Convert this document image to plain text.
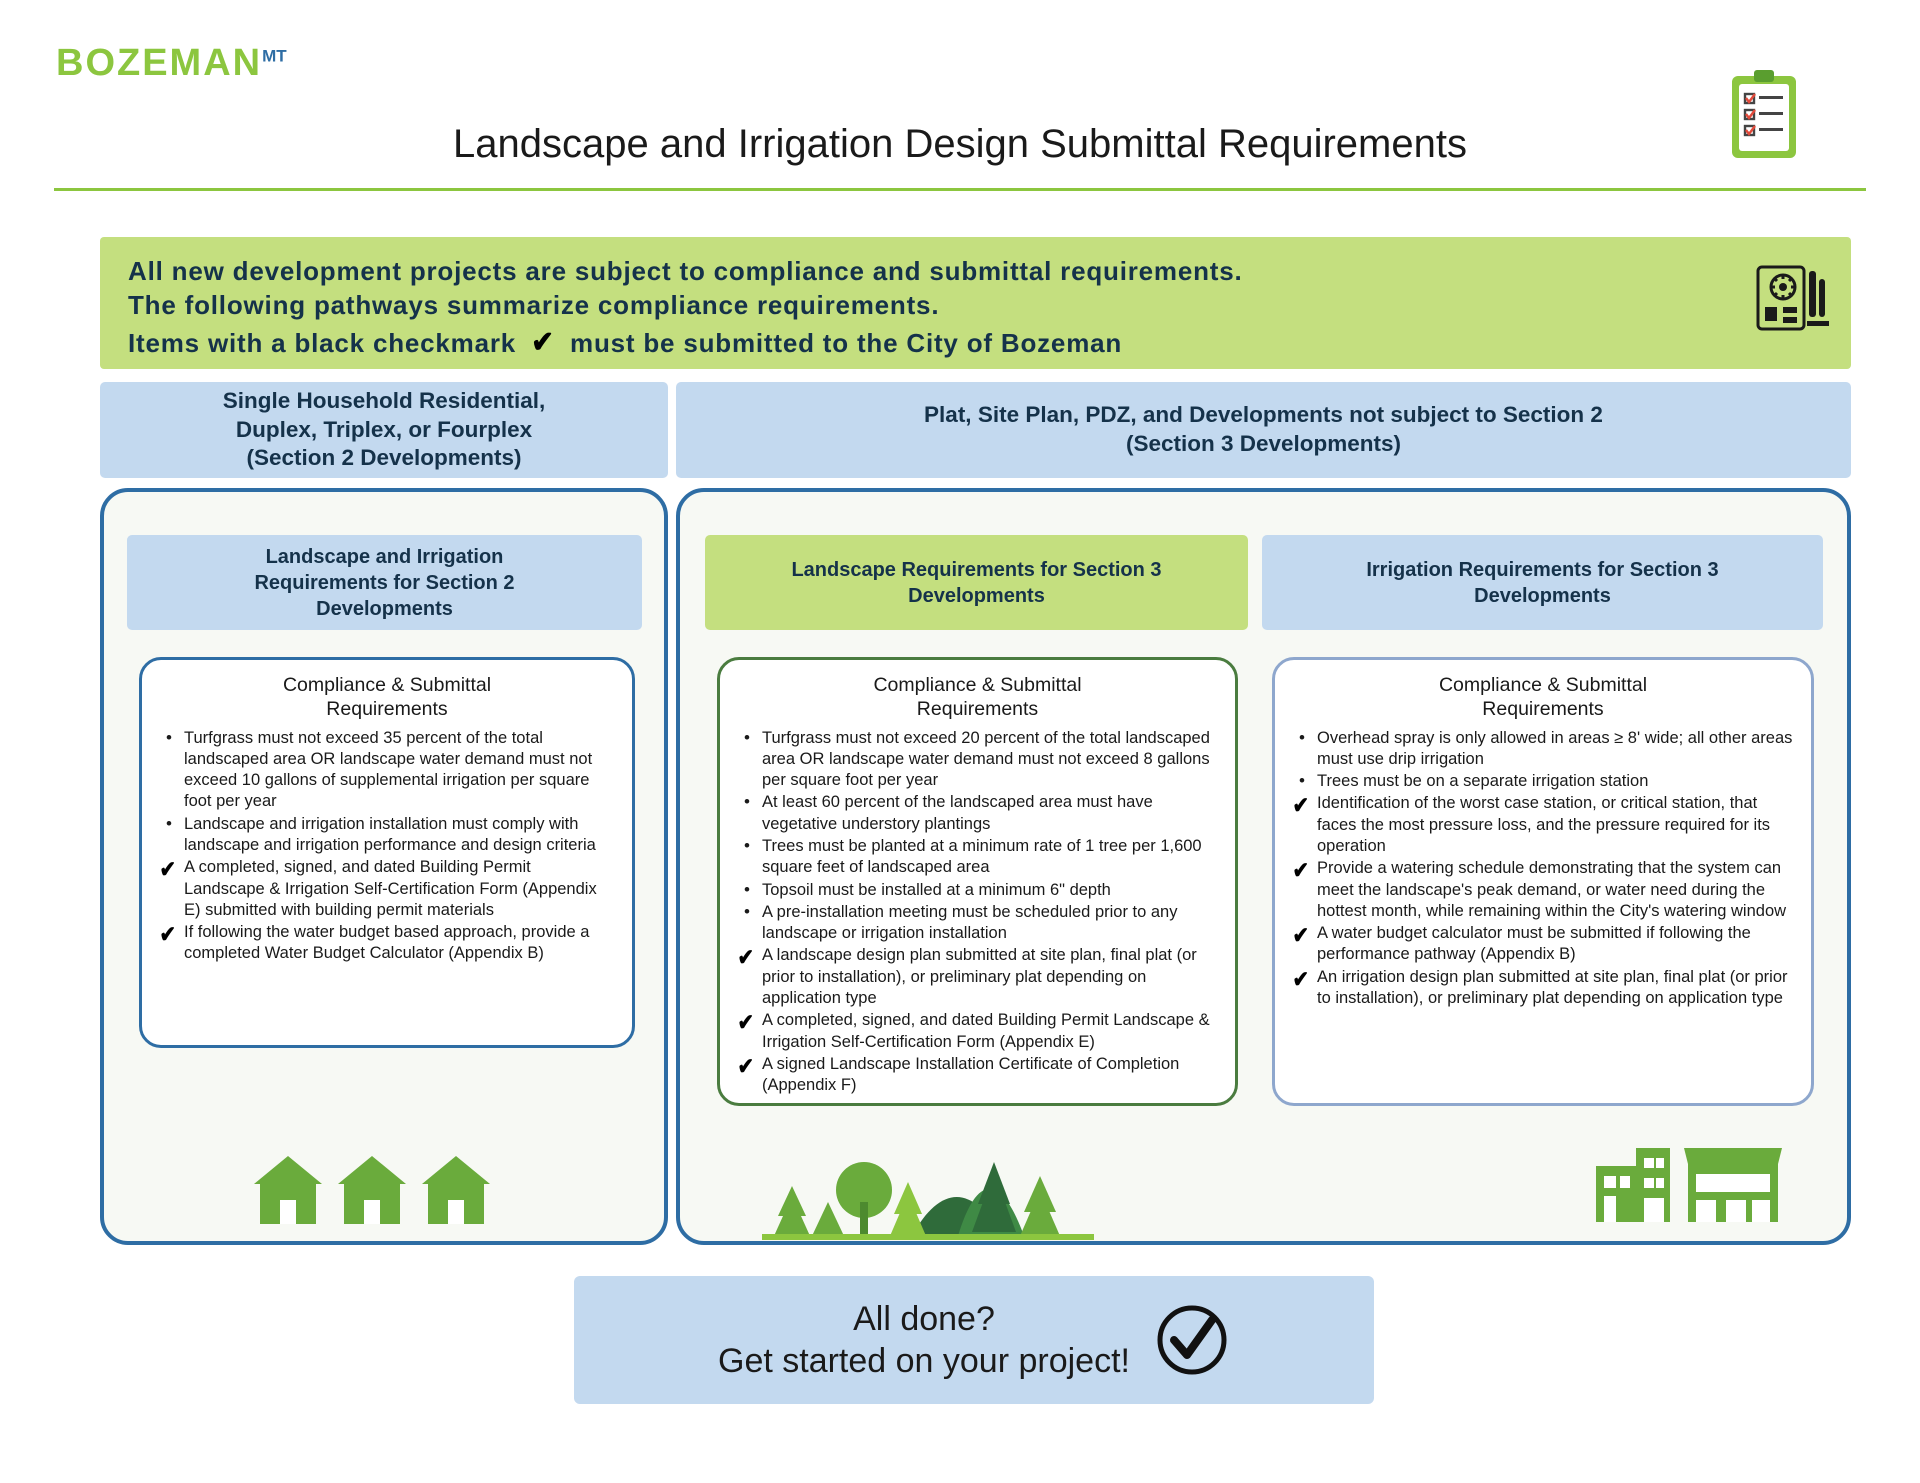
$BOZEMAN^{MT}$
Landscape and Irrigation Design Submittal Requirements
All new development projects are subject to compliance and submittal requirements.
The following pathways summarize compliance requirements.
Items with a black checkmark ✔ must be submitted to the City of Bozeman
Single Household Residential,
Duplex, Triplex, or Fourplex
(Section 2 Developments)
Plat, Site Plan, PDZ, and Developments not subject to Section 2
(Section 3 Developments)
Landscape and Irrigation
Requirements for Section 2
Developments
Landscape Requirements for Section 3
Developments
Irrigation Requirements for Section 3
Developments
Compliance & Submittal
Requirements
• Turfgrass must not exceed 35 percent of the total landscaped area OR landscape water demand must not exceed 10 gallons of supplemental irrigation per square foot per year
• Landscape and irrigation installation must comply with landscape and irrigation performance and design criteria
✔ A completed, signed, and dated Building Permit Landscape & Irrigation Self-Certification Form (Appendix E) submitted with building permit materials
✔ If following the water budget based approach, provide a completed Water Budget Calculator (Appendix B)
Compliance & Submittal
Requirements
• Turfgrass must not exceed 20 percent of the total landscaped area OR landscape water demand must not exceed 8 gallons per square foot per year
• At least 60 percent of the landscaped area must have vegetative understory plantings
• Trees must be planted at a minimum rate of 1 tree per 1,600 square feet of landscaped area
• Topsoil must be installed at a minimum 6" depth
• A pre-installation meeting must be scheduled prior to any landscape or irrigation installation
✔ A landscape design plan submitted at site plan, final plat (or prior to installation), or preliminary plat depending on application type
✔ A completed, signed, and dated Building Permit Landscape & Irrigation Self-Certification Form (Appendix E)
✔ A signed Landscape Installation Certificate of Completion (Appendix F)
Compliance & Submittal
Requirements
• Overhead spray is only allowed in areas ≥ 8' wide; all other areas must use drip irrigation
• Trees must be on a separate irrigation station
✔ Identification of the worst case station, or critical station, that faces the most pressure loss, and the pressure required for its operation
✔ Provide a watering schedule demonstrating that the system can meet the landscape's peak demand, or water need during the hottest month, while remaining within the City's watering window
✔ A water budget calculator must be submitted if following the performance pathway (Appendix B)
✔ An irrigation design plan submitted at site plan, final plat (or prior to installation), or preliminary plat depending on application type
All done?
Get started on your project!
